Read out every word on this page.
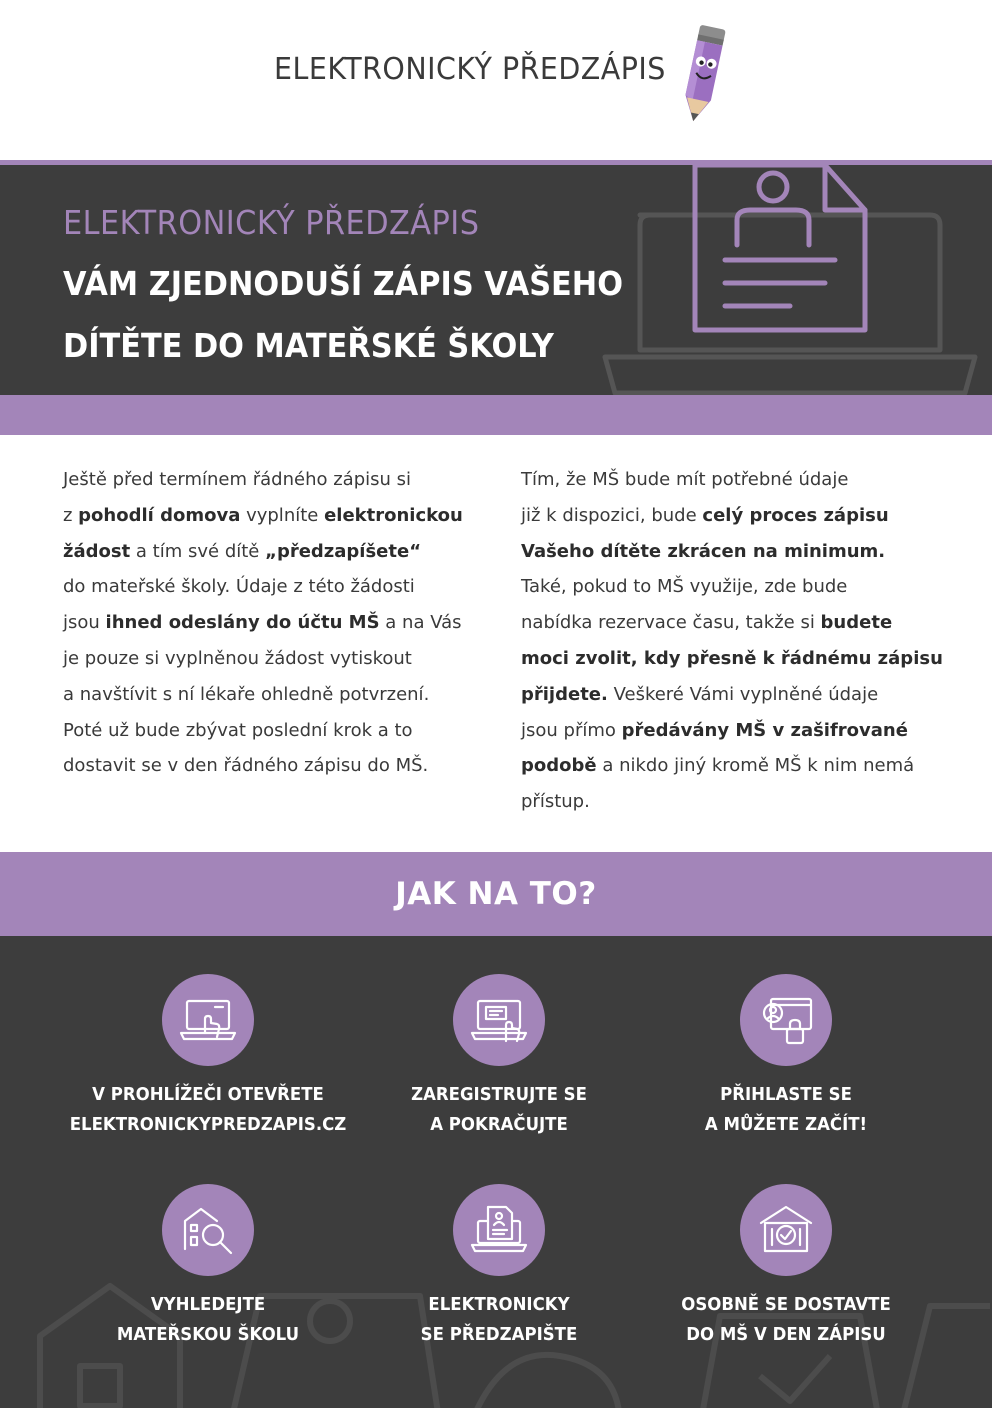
ELEKTRONICKÝ PŘEDZÁPIS
ELEKTRONICKÝ PŘEDZÁPIS
VÁM ZJEDNODUŠÍ ZÁPIS VAŠEHO
DÍTĚTE DO MATEŘSKÉ ŠKOLY

Ještě před termínem řádného zápisu si

z pohodlí domova vyplníte elektronickou

žádost a tím své dítě „předzapíšete“

do mateřské školy. Údaje z této žádosti

jsou ihned odeslány do účtu MŠ a na Vás

je pouze si vyplněnou žádost vytiskout

a navštívit s ní lékaře ohledně potvrzení.

Poté už bude zbývat poslední krok a to

dostavit se v den řádného zápisu do MŠ.

Tím, že MŠ bude mít potřebné údaje

již k dispozici, bude celý proces zápisu

Vašeho dítěte zkrácen na minimum.

Také, pokud to MŠ využije, zde bude

nabídka rezervace času, takže si budete

moci zvolit, kdy přesně k řádnému zápisu

přijdete. Veškeré Vámi vyplněné údaje

jsou přímo předávány MŠ v zašifrované

podobě a nikdo jiný kromě MŠ k nim nemá

přístup.

JAK NA TO?
V PROHLÍŽEČI OTEVŘETE
ELEKTRONICKYPREDZAPIS.CZ
ZAREGISTRUJTE SE
A POKRAČUJTE
PŘIHLASTE SE
A MŮŽETE ZAČÍT!
VYHLEDEJTE
MATEŘSKOU ŠKOLU
ELEKTRONICKY
SE PŘEDZAPIŠTE
OSOBNĚ SE DOSTAVTE
DO MŠ V DEN ZÁPISU
